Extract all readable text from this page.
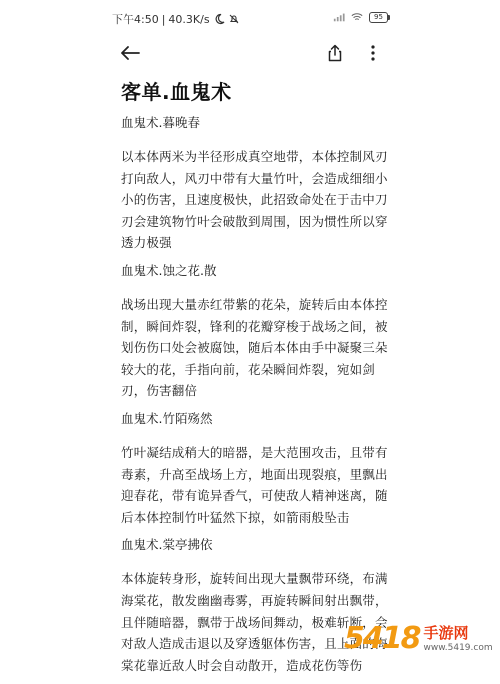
下午4:50 | 40.3K/s	95
客单.血鬼术

血鬼术.暮晚春

以本体两米为半径形成真空地带，本体控制风刃打向敌人，风刃中带有大量竹叶，会造成细细小小的伤害，且速度极快，此招致命处在于击中刀刃会建筑物竹叶会破散到周围，因为惯性所以穿透力极强

血鬼术.蚀之花.散

战场出现大量赤红带紫的花朵，旋转后由本体控制，瞬间炸裂，锋利的花瓣穿梭于战场之间，被划伤伤口处会被腐蚀，随后本体由手中凝聚三朵较大的花，手指向前，花朵瞬间炸裂，宛如剑刃，伤害翻倍

血鬼术.竹陌殇然

竹叶凝结成稍大的暗器，是大范围攻击，且带有毒素，升高至战场上方，地面出现裂痕，里飘出迎春花，带有诡异香气，可使敌人精神迷离，随后本体控制竹叶猛然下掠，如箭雨般坠击

血鬼术.棠亭拂依

本体旋转身形，旋转间出现大量飘带环绕，布满海棠花，散发幽幽毒雾，再旋转瞬间射出飘带，且伴随暗器，飘带于战场间舞动，极难斩断，会对敌人造成击退以及穿透躯体伤害，且上面的海棠花靠近敌人时会自动散开，造成花伤等伤

5418 手游网
www.5419.com
